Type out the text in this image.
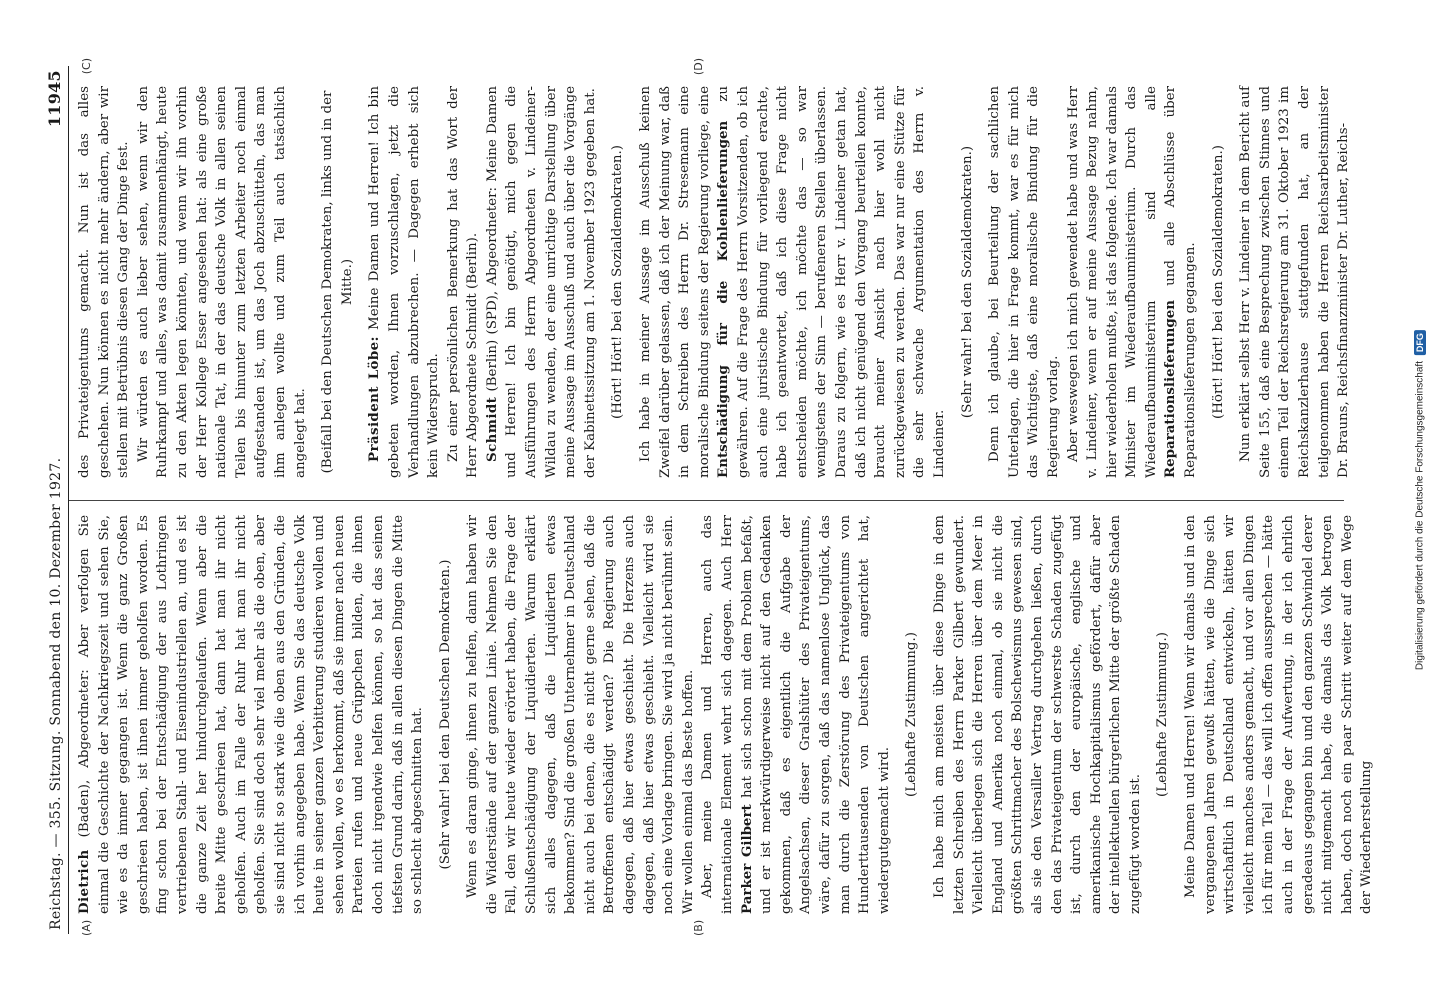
Digitalisierung gefördert durch die Deutsche Forschungsgemeinschaft
DFG
Reichstag. — 355. Sitzung. Sonnabend den 10. Dezember 1927.
11945
(A)	(B)

Dietrich (Baden), Abgeordneter: Aber verfolgen Sie einmal die Geschichte der Nachkriegszeit und sehen Sie, wie es da immer gegangen ist. Wenn die ganz Großen geschrieen haben, ist ihnen immer geholfen worden. Es fing schon bei der Entschädigung der aus Lothringen vertriebenen Stahl- und Eisenindustriellen an, und es ist die ganze Zeit her hindurchgelaufen. Wenn aber die breite Mitte geschrieen hat, dann hat man ihr nicht geholfen. Auch im Falle der Ruhr hat man ihr nicht geholfen. Sie sind doch sehr viel mehr als die oben, aber sie sind nicht so stark wie die oben aus den Gründen, die ich vorhin angegeben habe. Wenn Sie das deutsche Volk heute in seiner ganzen Verbitterung studieren wollen und sehen wollen, wo es herkommt, daß sie immer nach neuen Parteien rufen und neue Grüppchen bilden, die ihnen doch nicht irgendwie helfen können, so hat das seinen tiefsten Grund darin, daß in allen diesen Dingen die Mitte so schlecht abgeschnitten hat. (Sehr wahr! bei den Deutschen Demokraten.) Wenn es daran ginge, ihnen zu helfen, dann haben wir die Widerstände auf der ganzen Linie. Nehmen Sie den Fall, den wir heute wieder erörtert haben, die Frage der Schlußentschädigung der Liquidierten. Warum erklärt sich alles dagegen, daß die Liquidierten etwas bekommen? Sind die großen Unternehmer in Deutschland nicht auch bei denen, die es nicht gerne sehen, daß die Betroffenen entschädigt werden? Die Regierung auch dagegen, daß hier etwas geschieht. Die Herzens auch dagegen, daß hier etwas geschieht. Vielleicht wird sie noch eine Vorlage bringen. Sie wird ja nicht berühmt sein. Wir wollen einmal das Beste hoffen. Aber, meine Damen und Herren, auch das internationale Element wehrt sich dagegen. Auch Herr Parker Gilbert hat sich schon mit dem Problem befaßt, und er ist merkwürdigerweise nicht auf den Gedanken gekommen, daß es eigentlich die Aufgabe der Angelsachsen, dieser Gralshüter des Privateigentums, wäre, dafür zu sorgen, daß das namenlose Unglück, das man durch die Zerstörung des Privateigentums von Hunderttausenden von Deutschen angerichtet hat, wiedergutgemacht wird.

(Lebhafte Zustimmung.) Ich habe mich am meisten über diese Dinge in dem letzten Schreiben des Herrn Parker Gilbert gewundert. Vielleicht überlegen sich die Herren über dem Meer in England und Amerika noch einmal, ob sie nicht die größten Schrittmacher des Bolschewismus gewesen sind, als sie den Versailler Vertrag durchgehen ließen, durch den das Privateigentum der schwerste Schaden zugefügt ist, durch den der europäische, englische und amerikanische Hochkapitalismus gefördert, dafür aber der intellektuellen bürgerlichen Mitte der größte Schaden zugefügt worden ist.

(Lebhafte Zustimmung.) Meine Damen und Herren! Wenn wir damals und in den vergangenen Jahren gewußt hätten, wie die Dinge sich wirtschaftlich in Deutschland entwickeln, hätten wir vielleicht manches anders gemacht, und vor allen Dingen ich für mein Teil — das will ich offen aussprechen — hätte auch in der Frage der Aufwertung, in der ich ehrlich geradeaus gegangen bin und den ganzen Schwindel derer nicht mitgemacht habe, die damals das Volk betrogen haben, doch noch ein paar Schritt weiter auf dem Wege der Wiederherstellung

(C)	(D)

des Privateigentums gemacht. Nun ist das alles geschehen. Nun können es nicht mehr ändern, aber wir stellen mit Betrübnis diesen Gang der Dinge fest. Wir würden es auch lieber sehen, wenn wir den Ruhrkampf und alles, was damit zusammenhängt, heute zu den Akten legen könnten, und wenn wir ihn vorhin der Herr Kollege Esser angesehen hat: als eine große nationale Tat, in der das deutsche Volk in allen seinen Teilen bis hinunter zum letzten Arbeiter noch einmal aufgestanden ist, um das Joch abzuschütteln, das man ihm anlegen wollte und zum Teil auch tatsächlich angelegt hat. (Beifall bei den Deutschen Demokraten, links und in der Mitte.)

Präsident Löbe: Meine Damen und Herren! Ich bin gebeten worden, Ihnen vorzuschlagen, jetzt die Verhandlungen abzubrechen. — Dagegen erhebt sich kein Widerspruch. Zu einer persönlichen Bemerkung hat das Wort der Herr Abgeordnete Schmidt (Berlin). Schmidt (Berlin) (SPD), Abgeordneter: Meine Damen und Herren! Ich bin genötigt, mich gegen die Ausführungen des Herrn Abgeordneten v. Lindeiner-Wildau zu wenden, der eine unrichtige Darstellung über meine Aussage im Ausschuß und auch über die Vorgänge der Kabinettssitzung am 1. November 1923 gegeben hat. (Hört! Hört! bei den Sozialdemokraten.) Ich habe in meiner Aussage im Ausschuß keinen Zweifel darüber gelassen, daß ich der Meinung war, daß in dem Schreiben des Herrn Dr. Stresemann eine moralische Bindung seitens der Regierung vorliege, eine Entschädigung für die Kohlenlieferungen zu gewähren. Auf die Frage des Herrn Vorsitzenden, ob ich auch eine juristische Bindung für vorliegend erachte, habe ich geantwortet, daß ich diese Frage nicht entscheiden möchte, ich möchte das — so war wenigstens der Sinn — berufeneren Stellen überlassen. Daraus zu folgern, wie es Herr v. Lindeiner getan hat, daß ich nicht genügend den Vorgang beurteilen konnte, braucht meiner Ansicht nach hier wohl nicht zurückgewiesen zu werden. Das war nur eine Stütze für die sehr schwache Argumentation des Herrn v. Lindeiner.

(Sehr wahr! bei den Sozialdemokraten.) Denn ich glaube, bei Beurteilung der sachlichen Unterlagen, die hier in Frage kommt, war es für mich das Wichtigste, daß eine moralische Bindung für die Regierung vorlag. Aber weswegen ich mich gewendet habe und was Herr v. Lindeiner, wenn er auf meine Aussage Bezug nahm, hier wiederholen mußte, ist das folgende. Ich war damals Minister im Wiederaufbauministerium. Durch das Wiederaufbauministerium sind alle Reparationslieferungen und alle Abschlüsse über Reparationslieferungen gegangen. (Hört! Hört! bei den Sozialdemokraten.) Nun erklärt selbst Herr v. Lindeiner in dem Bericht auf Seite 155, daß eine Besprechung zwischen Stinnes und einem Teil der Reichsregierung am 31. Oktober 1923 im Reichskanzlerhause stattgefunden hat, an der teilgenommen haben die Herren Reichsarbeitsminister Dr. Brauns, Reichsfinanzminister Dr. Luther, Reichs-
